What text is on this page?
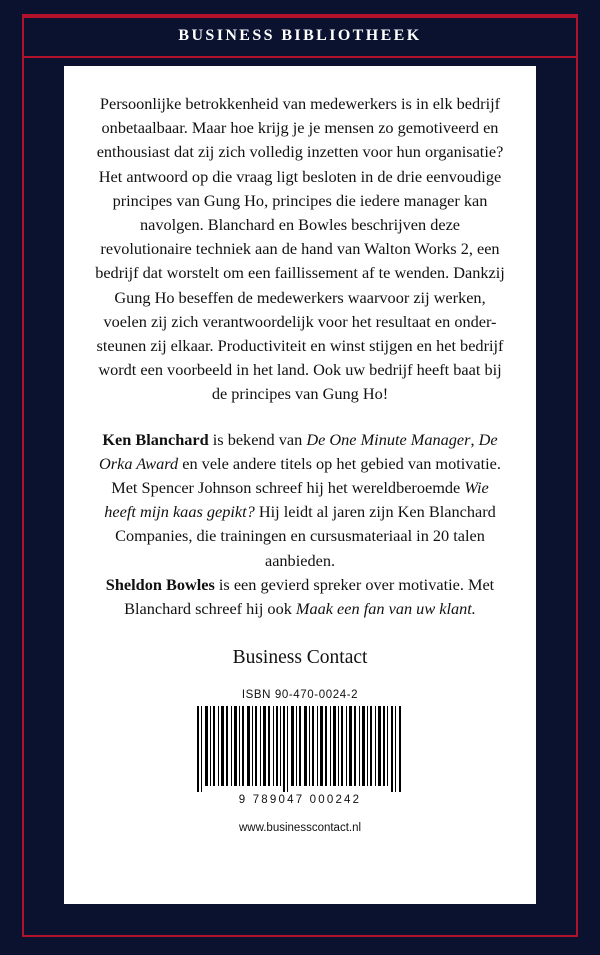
BUSINESS BIBLIOTHEEK

Persoonlijke betrokkenheid van medewerkers is in elk bedrijf onbetaalbaar. Maar hoe krijg je je mensen zo gemotiveerd en enthousiast dat zij zich volledig inzetten voor hun organisatie?

Het antwoord op die vraag ligt besloten in de drie eenvoudige principes van Gung Ho, principes die iedere manager kan navolgen. Blanchard en Bowles beschrijven deze revolutionaire techniek aan de hand van Walton Works 2, een bedrijf dat worstelt om een faillissement af te wenden. Dankzij Gung Ho beseffen de medewerkers waarvoor zij werken, voelen zij zich verantwoordelijk voor het resultaat en onder-steunen zij elkaar. Productiviteit en winst stijgen en het bedrijf wordt een voorbeeld in het land. Ook uw bedrijf heeft baat bij de principes van Gung Ho!

Ken Blanchard is bekend van De One Minute Manager, De Orka Award en vele andere titels op het gebied van motivatie. Met Spencer Johnson schreef hij het wereldberoemde Wie heeft mijn kaas gepikt? Hij leidt al jaren zijn Ken Blanchard Companies, die trainingen en cursusmateriaal in 20 talen aanbieden.

Sheldon Bowles is een gevierd spreker over motivatie. Met Blanchard schreef hij ook Maak een fan van uw klant.

Business Contact
ISBN 90-470-0024-2
9 789047 000242
www.businesscontact.nl
